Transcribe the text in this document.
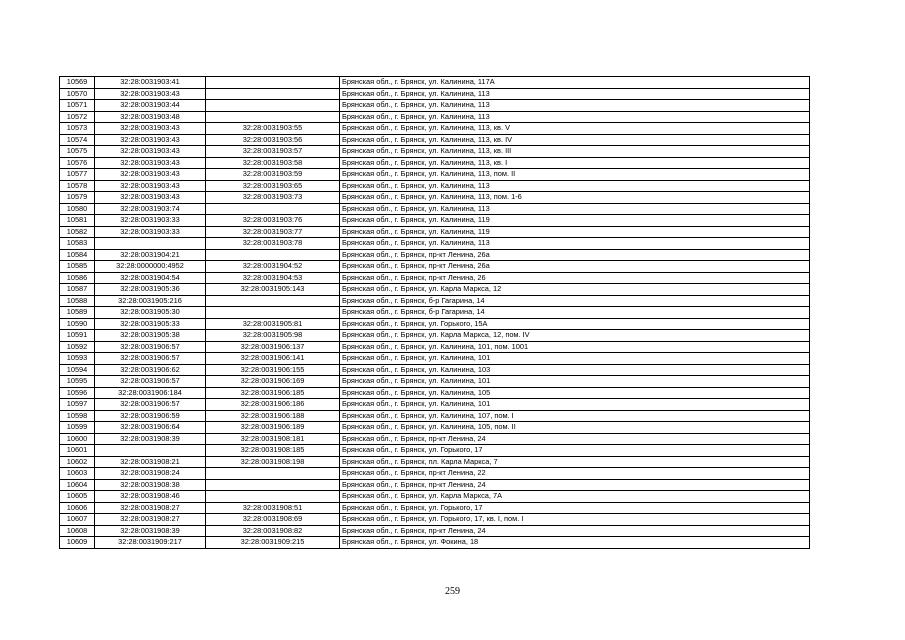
10569	32:28:0031903:41		Брянская обл., г. Брянск, ул. Калинина, 117А
10570	32:28:0031903:43		Брянская обл., г. Брянск, ул. Калинина, 113
10571	32:28:0031903:44		Брянская обл., г. Брянск, ул. Калинина, 113
10572	32:28:0031903:48		Брянская обл., г. Брянск, ул. Калинина, 113
10573	32:28:0031903:43	32:28:0031903:55	Брянская обл., г. Брянск, ул. Калинина, 113, кв. V
10574	32:28:0031903:43	32:28:0031903:56	Брянская обл., г. Брянск, ул. Калинина, 113, кв. IV
10575	32:28:0031903:43	32:28:0031903:57	Брянская обл., г. Брянск, ул. Калинина, 113, кв. III
10576	32:28:0031903:43	32:28:0031903:58	Брянская обл., г. Брянск, ул. Калинина, 113, кв. I
10577	32:28:0031903:43	32:28:0031903:59	Брянская обл., г. Брянск, ул. Калинина, 113, пом. II
10578	32:28:0031903:43	32:28:0031903:65	Брянская обл., г. Брянск, ул. Калинина, 113
10579	32:28:0031903:43	32:28:0031903:73	Брянская обл., г. Брянск, ул. Калинина, 113, пом. 1-6
10580	32:28:0031903:74		Брянская обл., г. Брянск, ул. Калинина, 113
10581	32:28:0031903:33	32:28:0031903:76	Брянская обл., г. Брянск, ул. Калинина, 119
10582	32:28:0031903:33	32:28:0031903:77	Брянская обл., г. Брянск, ул. Калинина, 119
10583		32:28:0031903:78	Брянская обл., г. Брянск, ул. Калинина, 113
10584	32:28:0031904:21		Брянская обл., г. Брянск, пр-кт Ленина, 26а
10585	32:28:0000000:4952	32:28:0031904:52	Брянская обл., г. Брянск, пр-кт Ленина, 26а
10586	32:28:0031904:54	32:28:0031904:53	Брянская обл., г. Брянск, пр-кт Ленина, 26
10587	32:28:0031905:36	32:28:0031905:143	Брянская обл., г. Брянск, ул. Карла Маркса, 12
10588	32:28:0031905:216		Брянская обл., г. Брянск, б-р Гагарина, 14
10589	32:28:0031905:30		Брянская обл., г. Брянск, б-р Гагарина, 14
10590	32:28:0031905:33	32:28:0031905:81	Брянская обл., г. Брянск, ул. Горького, 15А
10591	32:28:0031905:38	32:28:0031905:98	Брянская обл., г. Брянск, ул. Карла Маркса, 12, пом. IV
10592	32:28:0031906:57	32:28:0031906:137	Брянская обл., г. Брянск, ул. Калинина, 101, пом. 1001
10593	32:28:0031906:57	32:28:0031906:141	Брянская обл., г. Брянск, ул. Калинина, 101
10594	32:28:0031906:62	32:28:0031906:155	Брянская обл., г. Брянск, ул. Калинина, 103
10595	32:28:0031906:57	32:28:0031906:169	Брянская обл., г. Брянск, ул. Калинина, 101
10596	32:28:0031906:184	32:28:0031906:185	Брянская обл., г. Брянск, ул. Калинина, 105
10597	32:28:0031906:57	32:28:0031906:186	Брянская обл., г. Брянск, ул. Калинина, 101
10598	32:28:0031906:59	32:28:0031906:188	Брянская обл., г. Брянск, ул. Калинина, 107, пом. I
10599	32:28:0031906:64	32:28:0031906:189	Брянская обл., г. Брянск, ул. Калинина, 105, пом. II
10600	32:28:0031908:39	32:28:0031908:181	Брянская обл., г. Брянск, пр-кт Ленина, 24
10601		32:28:0031908:185	Брянская обл., г. Брянск, ул. Горького, 17
10602	32:28:0031908:21	32:28:0031908:198	Брянская обл., г. Брянск, пл. Карла Маркса, 7
10603	32:28:0031908:24		Брянская обл., г. Брянск, пр-кт Ленина, 22
10604	32:28:0031908:38		Брянская обл., г. Брянск, пр-кт Ленина, 24
10605	32:28:0031908:46		Брянская обл., г. Брянск, ул. Карла Маркса, 7А
10606	32:28:0031908:27	32:28:0031908:51	Брянская обл., г. Брянск, ул. Горького, 17
10607	32:28:0031908:27	32:28:0031908:69	Брянская обл., г. Брянск, ул. Горького, 17, кв. I, пом. I
10608	32:28:0031908:39	32:28:0031908:82	Брянская обл., г. Брянск, пр-кт Ленина, 24
10609	32:28:0031909:217	32:28:0031909:215	Брянская обл., г. Брянск, ул. Фокина, 18
259
